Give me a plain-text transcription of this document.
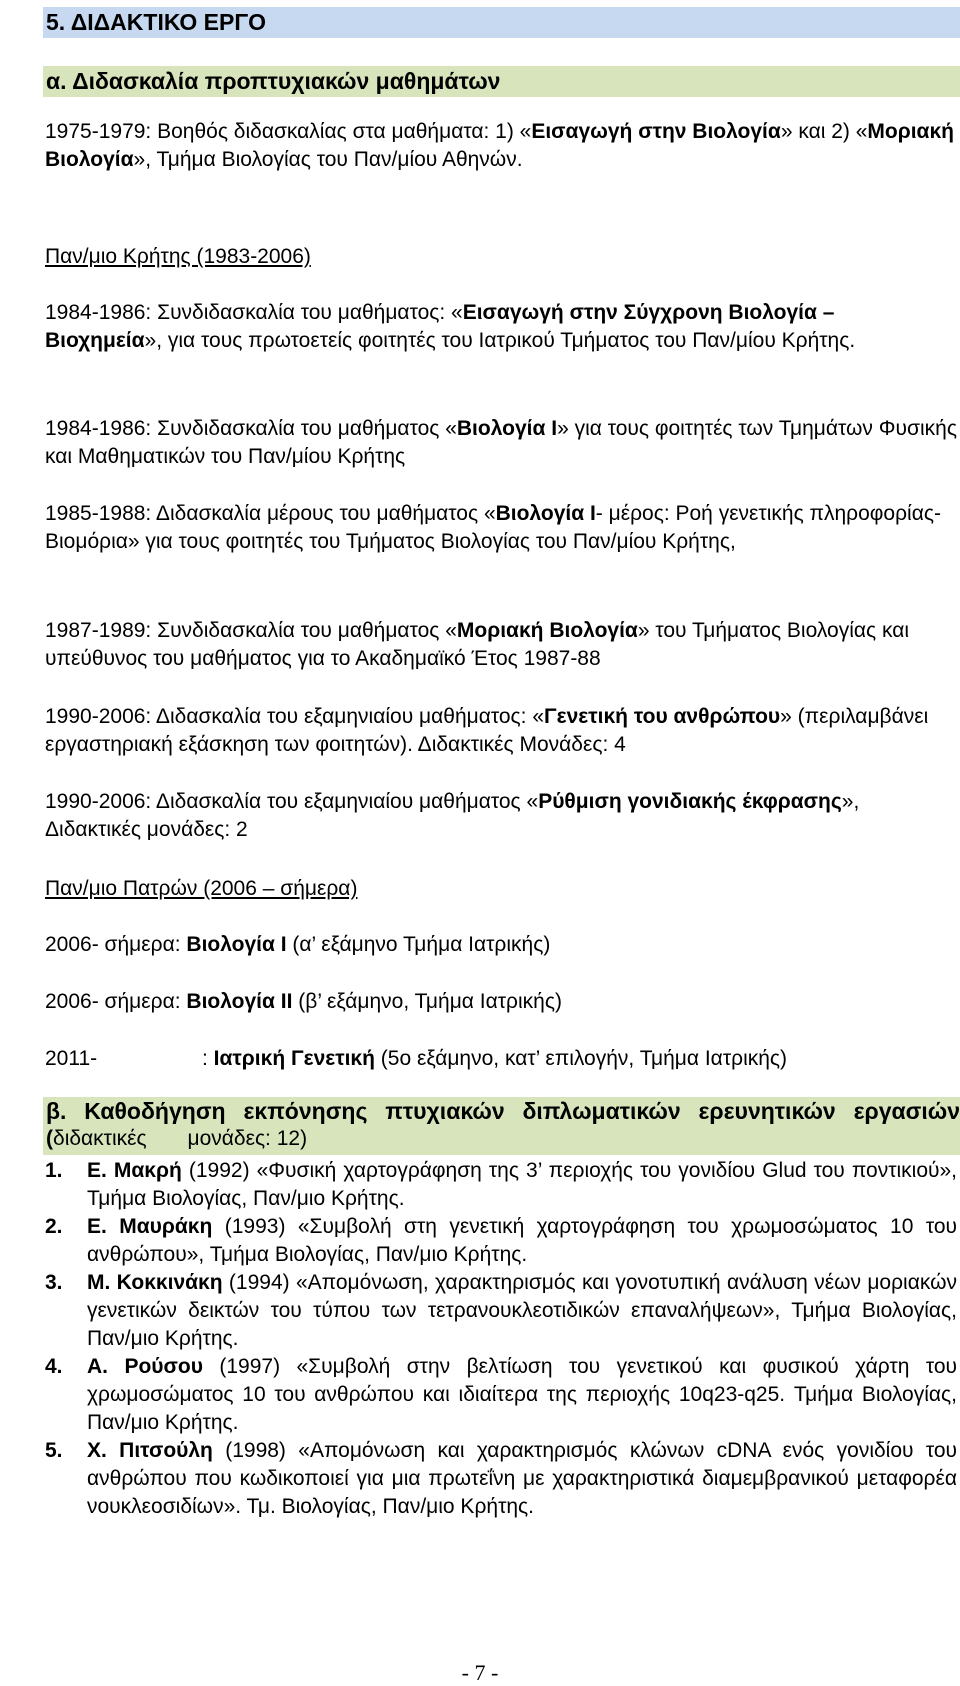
5. ΔΙΔΑΚΤΙΚΟ ΕΡΓΟ
α. Διδασκαλία προπτυχιακών μαθημάτων
1975-1979: Βοηθός διδασκαλίας στα μαθήματα: 1) «Εισαγωγή στην Βιολογία» και 2) «Μοριακή Βιολογία», Τμήμα Βιολογίας του Παν/μίου Αθηνών.
Παν/μιο Κρήτης (1983-2006)
1984-1986: Συνδιδασκαλία του μαθήματος: «Εισαγωγή στην Σύγχρονη Βιολογία – Βιοχημεία», για τους πρωτοετείς φοιτητές του Ιατρικού Τμήματος του Παν/μίου Κρήτης.
1984-1986: Συνδιδασκαλία του μαθήματος «Βιολογία Ι» για τους φοιτητές των Τμημάτων Φυσικής και Μαθηματικών του Παν/μίου Κρήτης
1985-1988: Διδασκαλία μέρους του μαθήματος «Βιολογία Ι- μέρος: Ροή γενετικής πληροφορίας- Βιομόρια» για τους φοιτητές του Τμήματος Βιολογίας του Παν/μίου Κρήτης,
1987-1989: Συνδιδασκαλία του μαθήματος «Μοριακή Βιολογία» του Τμήματος Βιολογίας και υπεύθυνος του μαθήματος για το Ακαδημαϊκό Έτος 1987-88
1990-2006: Διδασκαλία του εξαμηνιαίου μαθήματος: «Γενετική του ανθρώπου» (περιλαμβάνει εργαστηριακή εξάσκηση των φοιτητών). Διδακτικές Μονάδες: 4
1990-2006: Διδασκαλία του εξαμηνιαίου μαθήματος «Ρύθμιση γονιδιακής έκφρασης», Διδακτικές μονάδες: 2
Παν/μιο Πατρών (2006 – σήμερα)
2006- σήμερα: Βιολογία Ι (α’ εξάμηνο Τμήμα Ιατρικής)
2006- σήμερα: Βιολογία ΙΙ (β’ εξάμηνο, Τμήμα Ιατρικής)
2011-	: Ιατρική Γενετική (5ο εξάμηνο, κατ’ επιλογήν, Τμήμα Ιατρικής)
β. Καθοδήγηση εκπόνησης πτυχιακών διπλωματικών ερευνητικών εργασιών
(διδακτικές       μονάδες: 12)
1. Ε. Μακρή (1992) «Φυσική χαρτογράφηση της 3’ περιοχής του γονιδίου Glud του ποντικιού», Τμήμα Βιολογίας, Παν/μιο Κρήτης.
2. Ε. Μαυράκη (1993) «Συμβολή στη γενετική χαρτογράφηση του χρωμοσώματος 10 του ανθρώπου», Τμήμα Βιολογίας, Παν/μιο Κρήτης.
3. Μ. Κοκκινάκη (1994) «Απομόνωση, χαρακτηρισμός και γονοτυπική ανάλυση νέων μοριακών γενετικών δεικτών του τύπου των τετρανουκλεοτιδικών επαναλήψεων», Τμήμα Βιολογίας, Παν/μιο Κρήτης.
4. Α. Ρούσου (1997) «Συμβολή στην βελτίωση του γενετικού και φυσικού χάρτη του χρωμοσώματος 10 του ανθρώπου και ιδιαίτερα της περιοχής 10q23-q25. Τμήμα Βιολογίας, Παν/μιο Κρήτης.
5. Χ. Πιτσούλη (1998) «Απομόνωση και χαρακτηρισμός κλώνων cDNA ενός γονιδίου του ανθρώπου που κωδικοποιεί για μια πρωτεΐνη με χαρακτηριστικά διαμεμβρανικού μεταφορέα νουκλεοσιδίων». Τμ. Βιολογίας, Παν/μιο Κρήτης.
- 7 -
